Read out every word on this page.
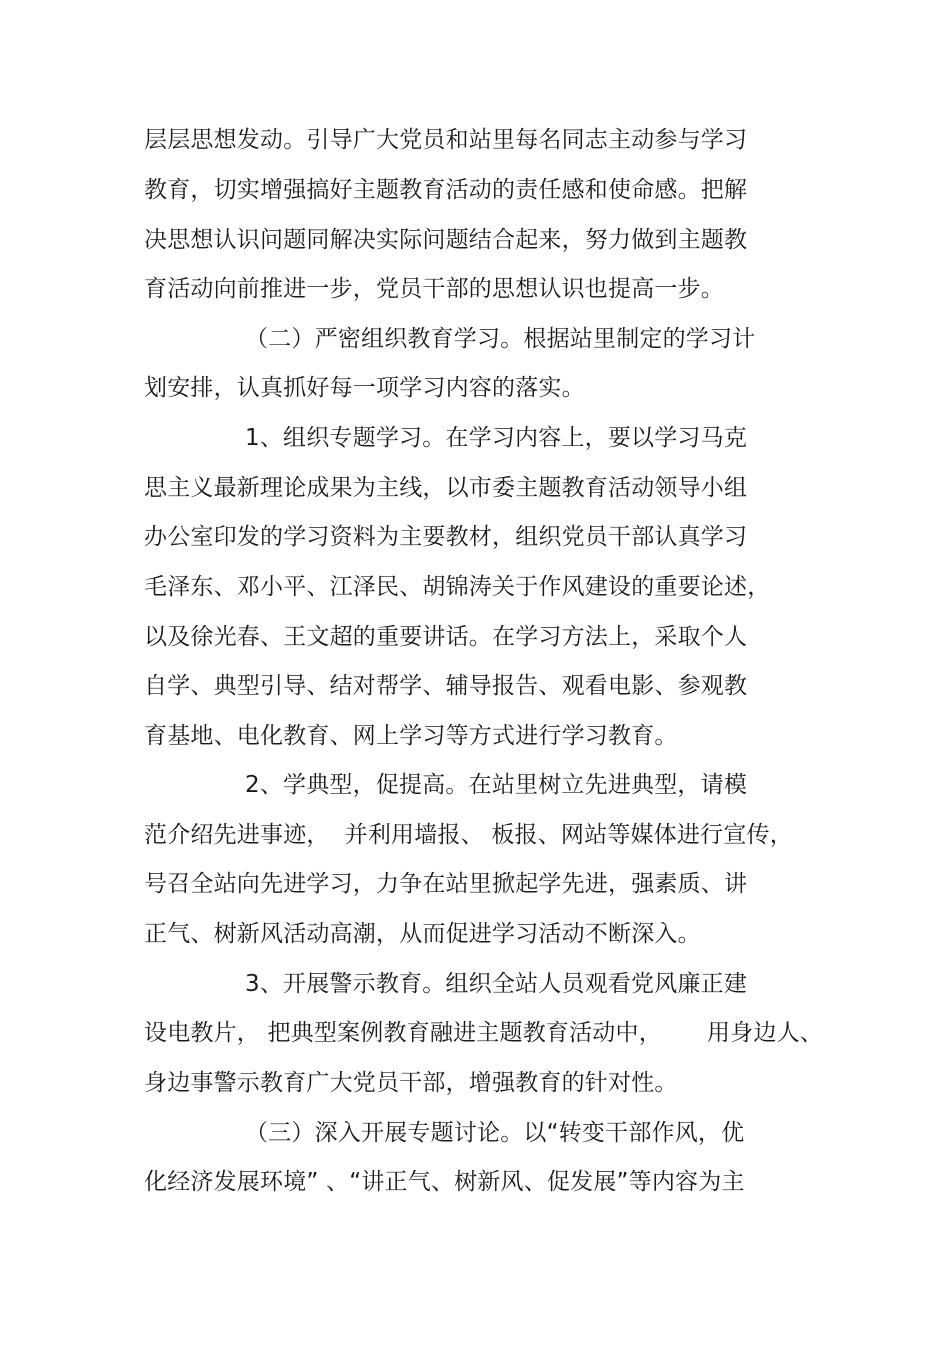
层层思想发动。引导广大党员和站里每名同志主动参与学习
教育，切实增强搞好主题教育活动的责任感和使命感。把解
决思想认识问题同解决实际问题结合起来，努力做到主题教
育活动向前推进一步，党员干部的思想认识也提高一步。
（二）严密组织教育学习。根据站里制定的学习计
划安排，认真抓好每一项学习内容的落实。
1、组织专题学习。在学习内容上，要以学习马克
思主义最新理论成果为主线，以市委主题教育活动领导小组
办公室印发的学习资料为主要教材，组织党员干部认真学习
毛泽东、邓小平、江泽民、胡锦涛关于作风建设的重要论述，
以及徐光春、王文超的重要讲话。在学习方法上，采取个人
自学、典型引导、结对帮学、辅导报告、观看电影、参观教
育基地、电化教育、网上学习等方式进行学习教育。
2、学典型，促提高。在站里树立先进典型，请模
范介绍先进事迹，  并利用墙报、 板报、网站等媒体进行宣传，
号召全站向先进学习，力争在站里掀起学先进，强素质、讲
正气、树新风活动高潮，从而促进学习活动不断深入。
3、开展警示教育。组织全站人员观看党风廉正建
设电教片， 把典型案例教育融进主题教育活动中，      用身边人、
身边事警示教育广大党员干部，增强教育的针对性。
（三）深入开展专题讨论。以“转变干部作风，优
化经济发展环境” 、“讲正气、树新风、促发展”等内容为主
